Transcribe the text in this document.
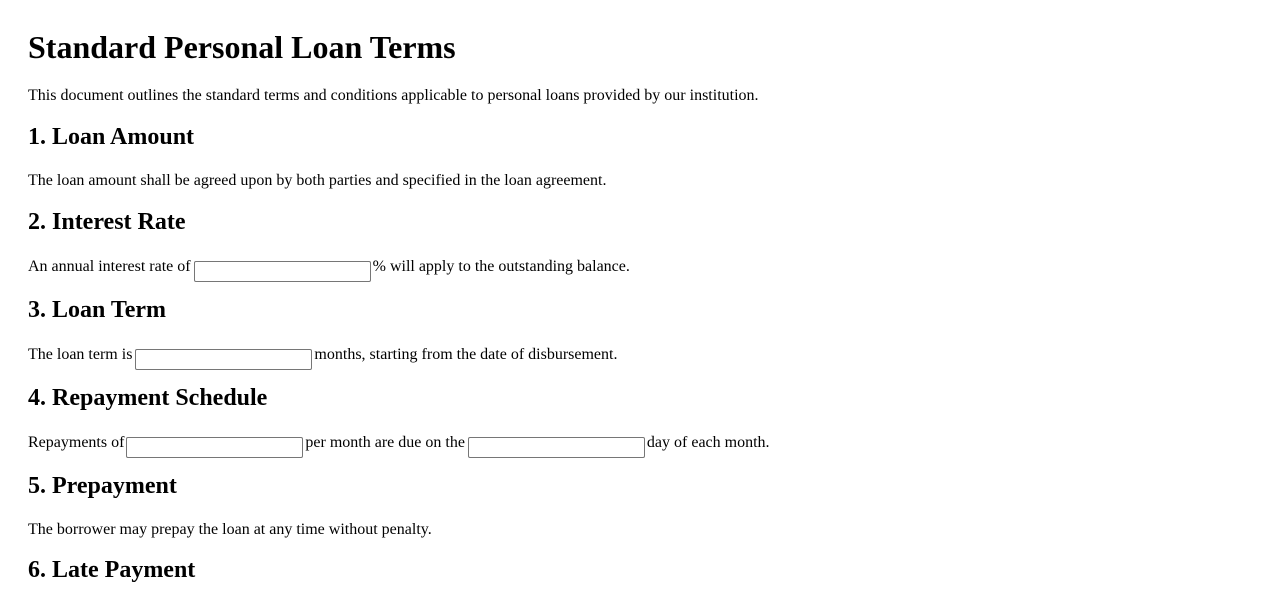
Standard Personal Loan Terms

This document outlines the standard terms and conditions applicable to personal loans provided by our institution.

1. Loan Amount

The loan amount shall be agreed upon by both parties and specified in the loan agreement.

2. Interest Rate

An annual interest rate of	% will apply to the outstanding balance.

3. Loan Term

The loan term is	months, starting from the date of disbursement.

4. Repayment Schedule

Repayments of	per month are due on the	day of each month.

5. Prepayment

The borrower may prepay the loan at any time without penalty.

6. Late Payment
